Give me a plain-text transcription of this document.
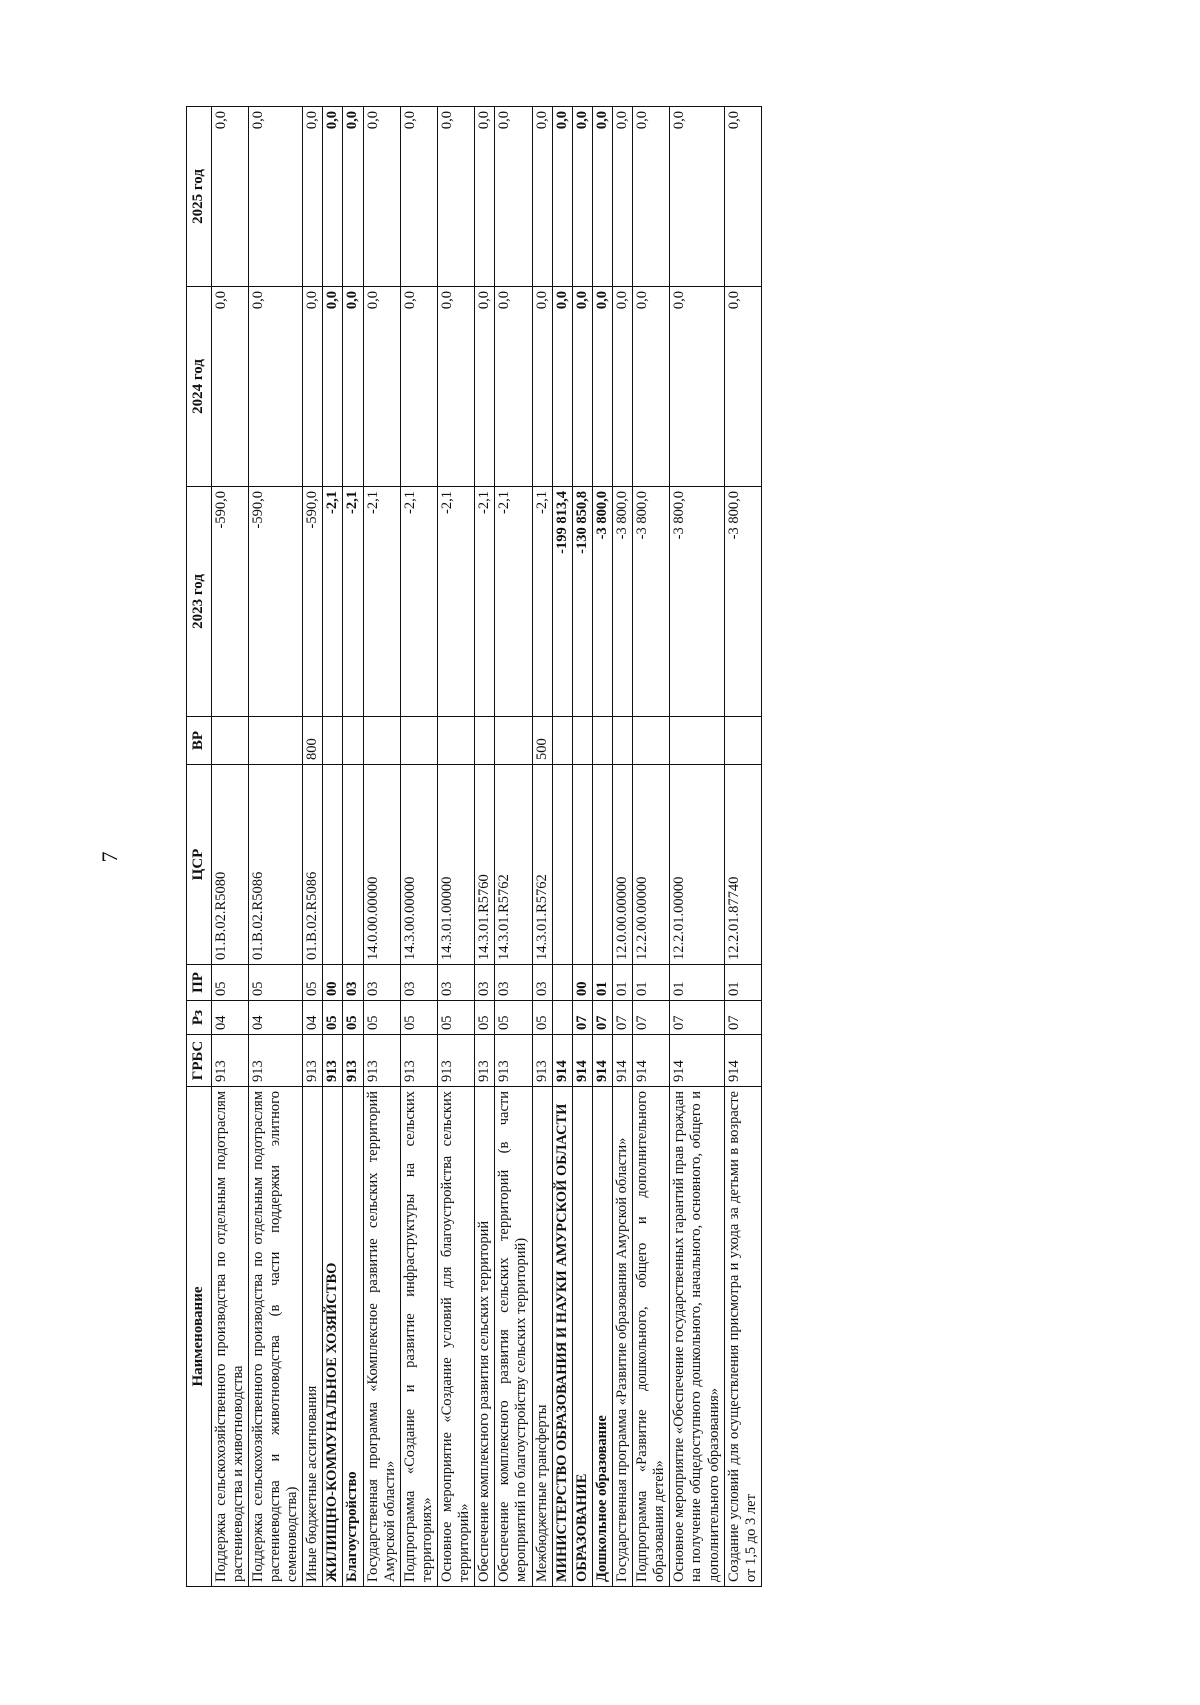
7
Наименование	ГРБС	Рз	ПР	ЦСР	ВР	2023 год	2024 год	2025 год
Поддержка сельскохозяйственного производства по отдельным подотраслям растениеводства и животноводства	913	04	05	01.В.02.R5080		-590,0	0,0	0,0
Поддержка сельскохозяйственного производства по отдельным подотраслям растениеводства и животноводства (в части поддержки элитного семеноводства)	913	04	05	01.В.02.R5086		-590,0	0,0	0,0
Иные бюджетные ассигнования	913	04	05	01.В.02.R5086	800	-590,0	0,0	0,0
ЖИЛИЩНО-КОММУНАЛЬНОЕ ХОЗЯЙСТВО	913	05	00			-2,1	0,0	0,0
Благоустройство	913	05	03			-2,1	0,0	0,0
Государственная программа «Комплексное развитие сельских территорий Амурской области»	913	05	03	14.0.00.00000		-2,1	0,0	0,0
Подпрограмма «Создание и развитие инфраструктуры на сельских территориях»	913	05	03	14.3.00.00000		-2,1	0,0	0,0
Основное мероприятие «Создание условий для благоустройства сельских территорий»	913	05	03	14.3.01.00000		-2,1	0,0	0,0
Обеспечение комплексного развития сельских территорий	913	05	03	14.3.01.R5760		-2,1	0,0	0,0
Обеспечение комплексного развития сельских территорий (в части мероприятий по благоустройству сельских территорий)	913	05	03	14.3.01.R5762		-2,1	0,0	0,0
Межбюджетные трансферты	913	05	03	14.3.01.R5762	500	-2,1	0,0	0,0
МИНИСТЕРСТВО ОБРАЗОВАНИЯ И НАУКИ АМУРСКОЙ ОБЛАСТИ	914					-199 813,4	0,0	0,0
ОБРАЗОВАНИЕ	914	07	00			-130 850,8	0,0	0,0
Дошкольное образование	914	07	01			-3 800,0	0,0	0,0
Государственная программа «Развитие образования Амурской области»	914	07	01	12.0.00.00000		-3 800,0	0,0	0,0
Подпрограмма «Развитие дошкольного, общего и дополнительного образования детей»	914	07	01	12.2.00.00000		-3 800,0	0,0	0,0
Основное мероприятие «Обеспечение государственных гарантий прав граждан на получение общедоступного дошкольного, начального, основного, общего и дополнительного образования»	914	07	01	12.2.01.00000		-3 800,0	0,0	0,0
Создание условий для осуществления присмотра и ухода за детьми в возрасте от 1,5 до 3 лет	914	07	01	12.2.01.87740		-3 800,0	0,0	0,0
